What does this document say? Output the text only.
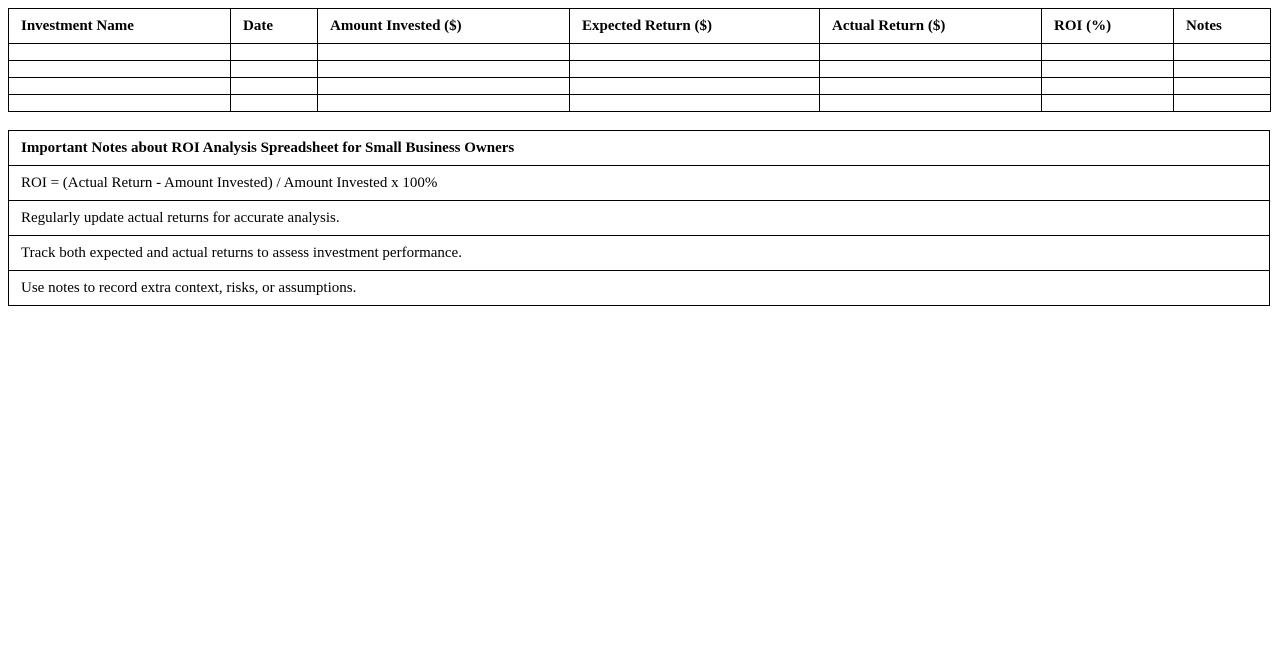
Investment Name	Date	Amount Invested ($)	Expected Return ($)	Actual Return ($)	ROI (%)	Notes

Important Notes about ROI Analysis Spreadsheet for Small Business Owners
ROI = (Actual Return - Amount Invested) / Amount Invested x 100%
Regularly update actual returns for accurate analysis.
Track both expected and actual returns to assess investment performance.
Use notes to record extra context, risks, or assumptions.
